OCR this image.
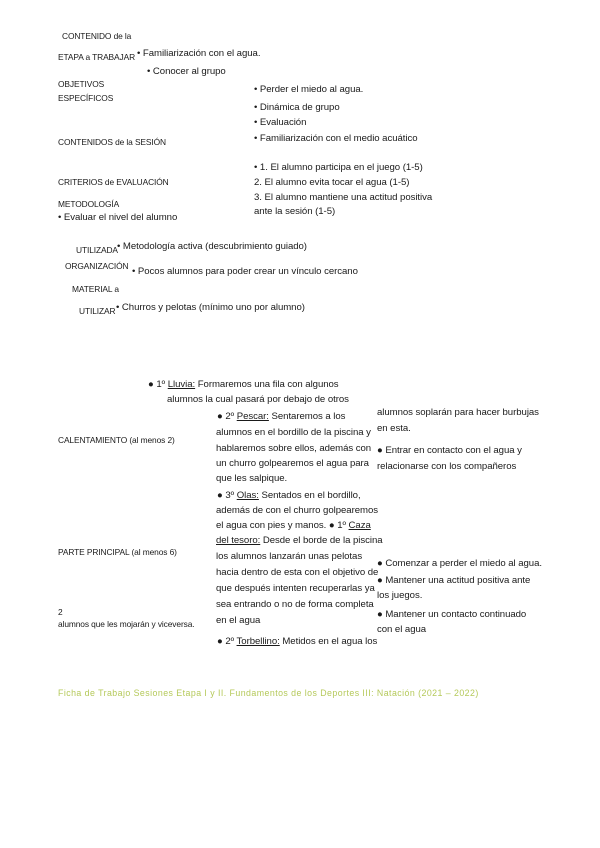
CONTENIDO de la
ETAPA a TRABAJAR • Familiarización con el agua.
• Conocer al grupo
OBJETIVOS
ESPECÍFICOS
• Perder el miedo al agua.
• Dinámica de grupo
• Evaluación
• Familiarización con el medio acuático
CONTENIDOS de la SESIÓN
• 1. El alumno participa en el juego (1-5)
2. El alumno evita tocar el agua (1-5)
CRITERIOS de EVALUACIÓN
3. El alumno mantiene una actitud positiva
ante la sesión (1-5)
METODOLOGÍA
• Evaluar el nivel del alumno
UTILIZADA • Metodología activa (descubrimiento guiado)
ORGANIZACIÓN • Pocos alumnos para poder crear un vínculo cercano
MATERIAL a
UTILIZAR • Churros y pelotas (mínimo uno por alumno)
● 1º Lluvia: Formaremos una fila con algunos
alumnos la cual pasará por debajo de otros
● 2º Pescar: Sentaremos a los
alumnos en el bordillo de la piscina y
hablaremos sobre ellos, además con
un churro golpearemos el agua para
que les salpique.
alumnos soplarán para hacer burbujas
en esta.
● Entrar en contacto con el agua y
relacionarse con los compañeros
CALENTAMIENTO (al menos 2)
● 3º Olas: Sentados en el bordillo,
además de con el churro golpearemos
el agua con pies y manos. ● 1º Caza
del tesoro: Desde el borde de la piscina
los alumnos lanzarán unas pelotas
hacia dentro de esta con el objetivo de
que después intenten recuperarlas ya
sea entrando o no de forma completa
en el agua
PARTE PRINCIPAL (al menos 6)
● Comenzar a perder el miedo al agua.
● Mantener una actitud positiva ante
los juegos.
● Mantener un contacto continuado
con el agua
2
alumnos que les mojarán y viceversa.
● 2º Torbellino: Metidos en el agua los
Ficha de Trabajo Sesiones Etapa I y II. Fundamentos de los Deportes III: Natación (2021 – 2022)
